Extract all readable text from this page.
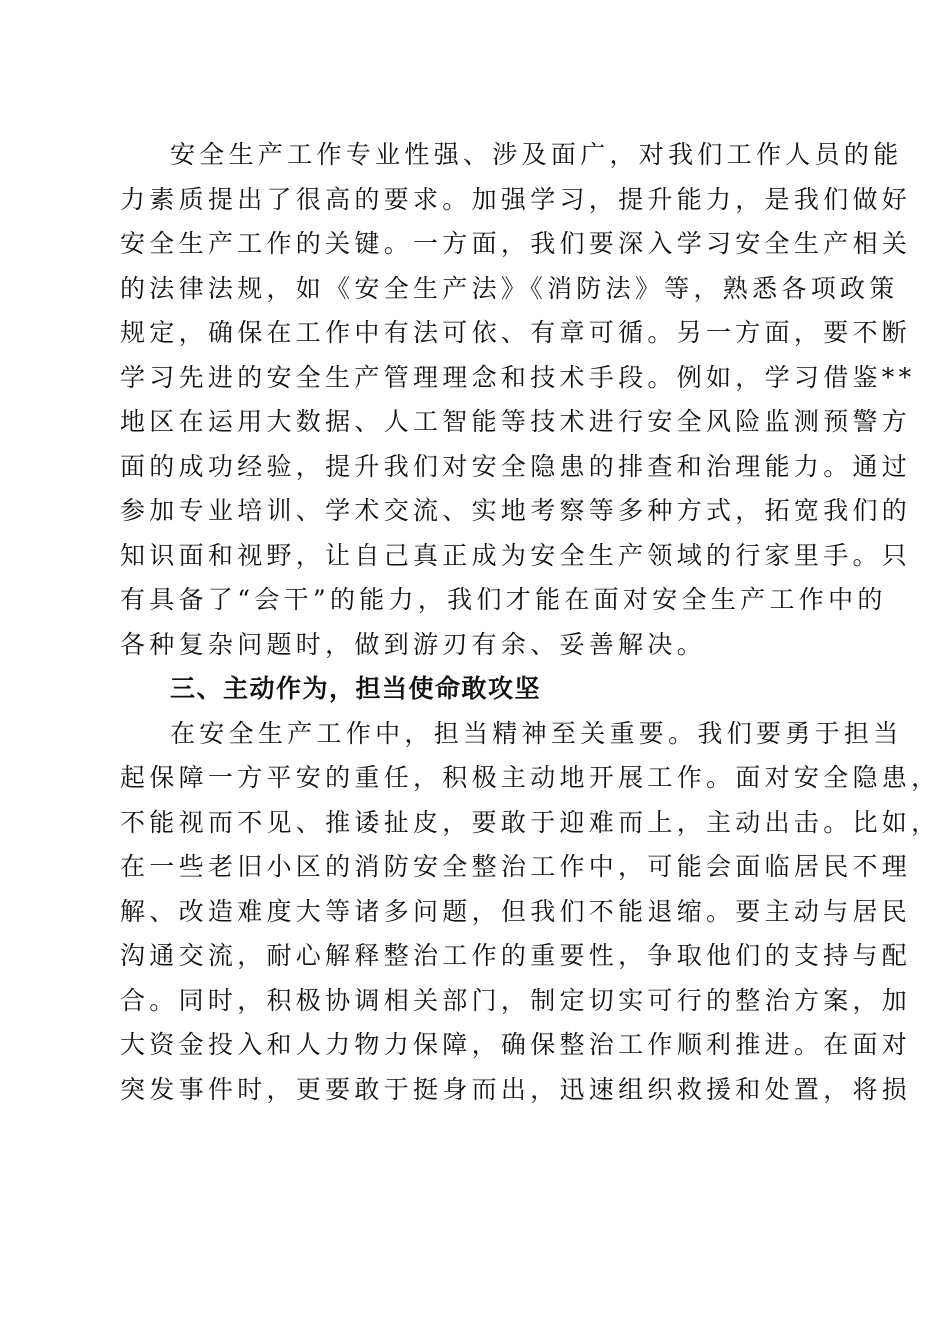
安全生产工作专业性强、涉及面广，对我们工作人员的能
力素质提出了很高的要求。加强学习，提升能力，是我们做好
安全生产工作的关键。一方面，我们要深入学习安全生产相关
的法律法规，如《安全生产法》《消防法》等，熟悉各项政策
规定，确保在工作中有法可依、有章可循。另一方面，要不断
学习先进的安全生产管理理念和技术手段。例如，学习借鉴**
地区在运用大数据、人工智能等技术进行安全风险监测预警方
面的成功经验，提升我们对安全隐患的排查和治理能力。通过
参加专业培训、学术交流、实地考察等多种方式，拓宽我们的
知识面和视野，让自己真正成为安全生产领域的行家里手。只
有具备了“会干”的能力，我们才能在面对安全生产工作中的
各种复杂问题时，做到游刃有余、妥善解决。
三、主动作为，担当使命敢攻坚
在安全生产工作中，担当精神至关重要。我们要勇于担当
起保障一方平安的重任，积极主动地开展工作。面对安全隐患，
不能视而不见、推诿扯皮，要敢于迎难而上，主动出击。比如，
在一些老旧小区的消防安全整治工作中，可能会面临居民不理
解、改造难度大等诸多问题，但我们不能退缩。要主动与居民
沟通交流，耐心解释整治工作的重要性，争取他们的支持与配
合。同时，积极协调相关部门，制定切实可行的整治方案，加
大资金投入和人力物力保障，确保整治工作顺利推进。在面对
突发事件时，更要敢于挺身而出，迅速组织救援和处置，将损
